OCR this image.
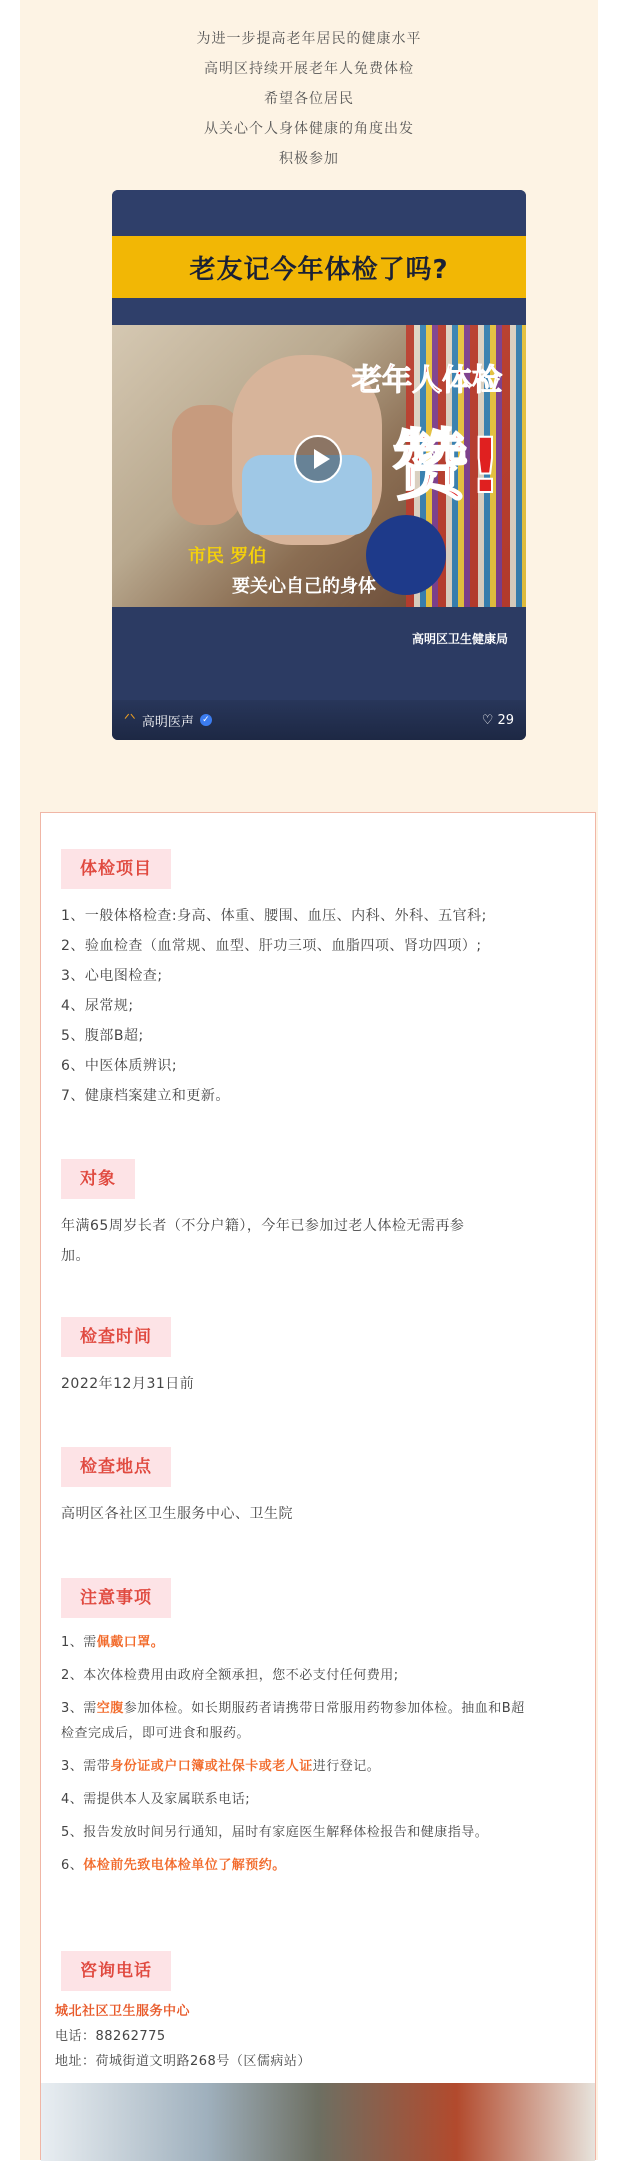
为进一步提高老年居民的健康水平
高明区持续开展老年人免费体检
希望各位居民
从关心个人身体健康的角度出发
积极参加
老友记今年体检了吗?
老年人体检
赞!
市民 罗伯
要关心自己的身体
高明区卫生健康局
ᐟᐠ 高明医声 ✓	♡ 29
体检项目
1、一般体格检查:身高、体重、腰围、血压、内科、外科、五官科;
2、验血检查（血常规、血型、肝功三项、血脂四项、肾功四项）;
3、心电图检查;
4、尿常规;
5、腹部B超;
6、中医体质辨识;
7、健康档案建立和更新。
对象
年满65周岁长者（不分户籍），今年已参加过老人体检无需再参
加。
检查时间
2022年12月31日前
检查地点
高明区各社区卫生服务中心、卫生院
注意事项
1、需佩戴口罩。
2、本次体检费用由政府全额承担，您不必支付任何费用;
3、需空腹参加体检。如长期服药者请携带日常服用药物参加体检。抽血和B超
检查完成后，即可进食和服药。
3、需带身份证或户口簿或社保卡或老人证进行登记。
4、需提供本人及家属联系电话;
5、报告发放时间另行通知，届时有家庭医生解释体检报告和健康指导。
6、体检前先致电体检单位了解预约。
咨询电话
城北社区卫生服务中心
电话：88262775
地址：荷城街道文明路268号（区儒病站）
